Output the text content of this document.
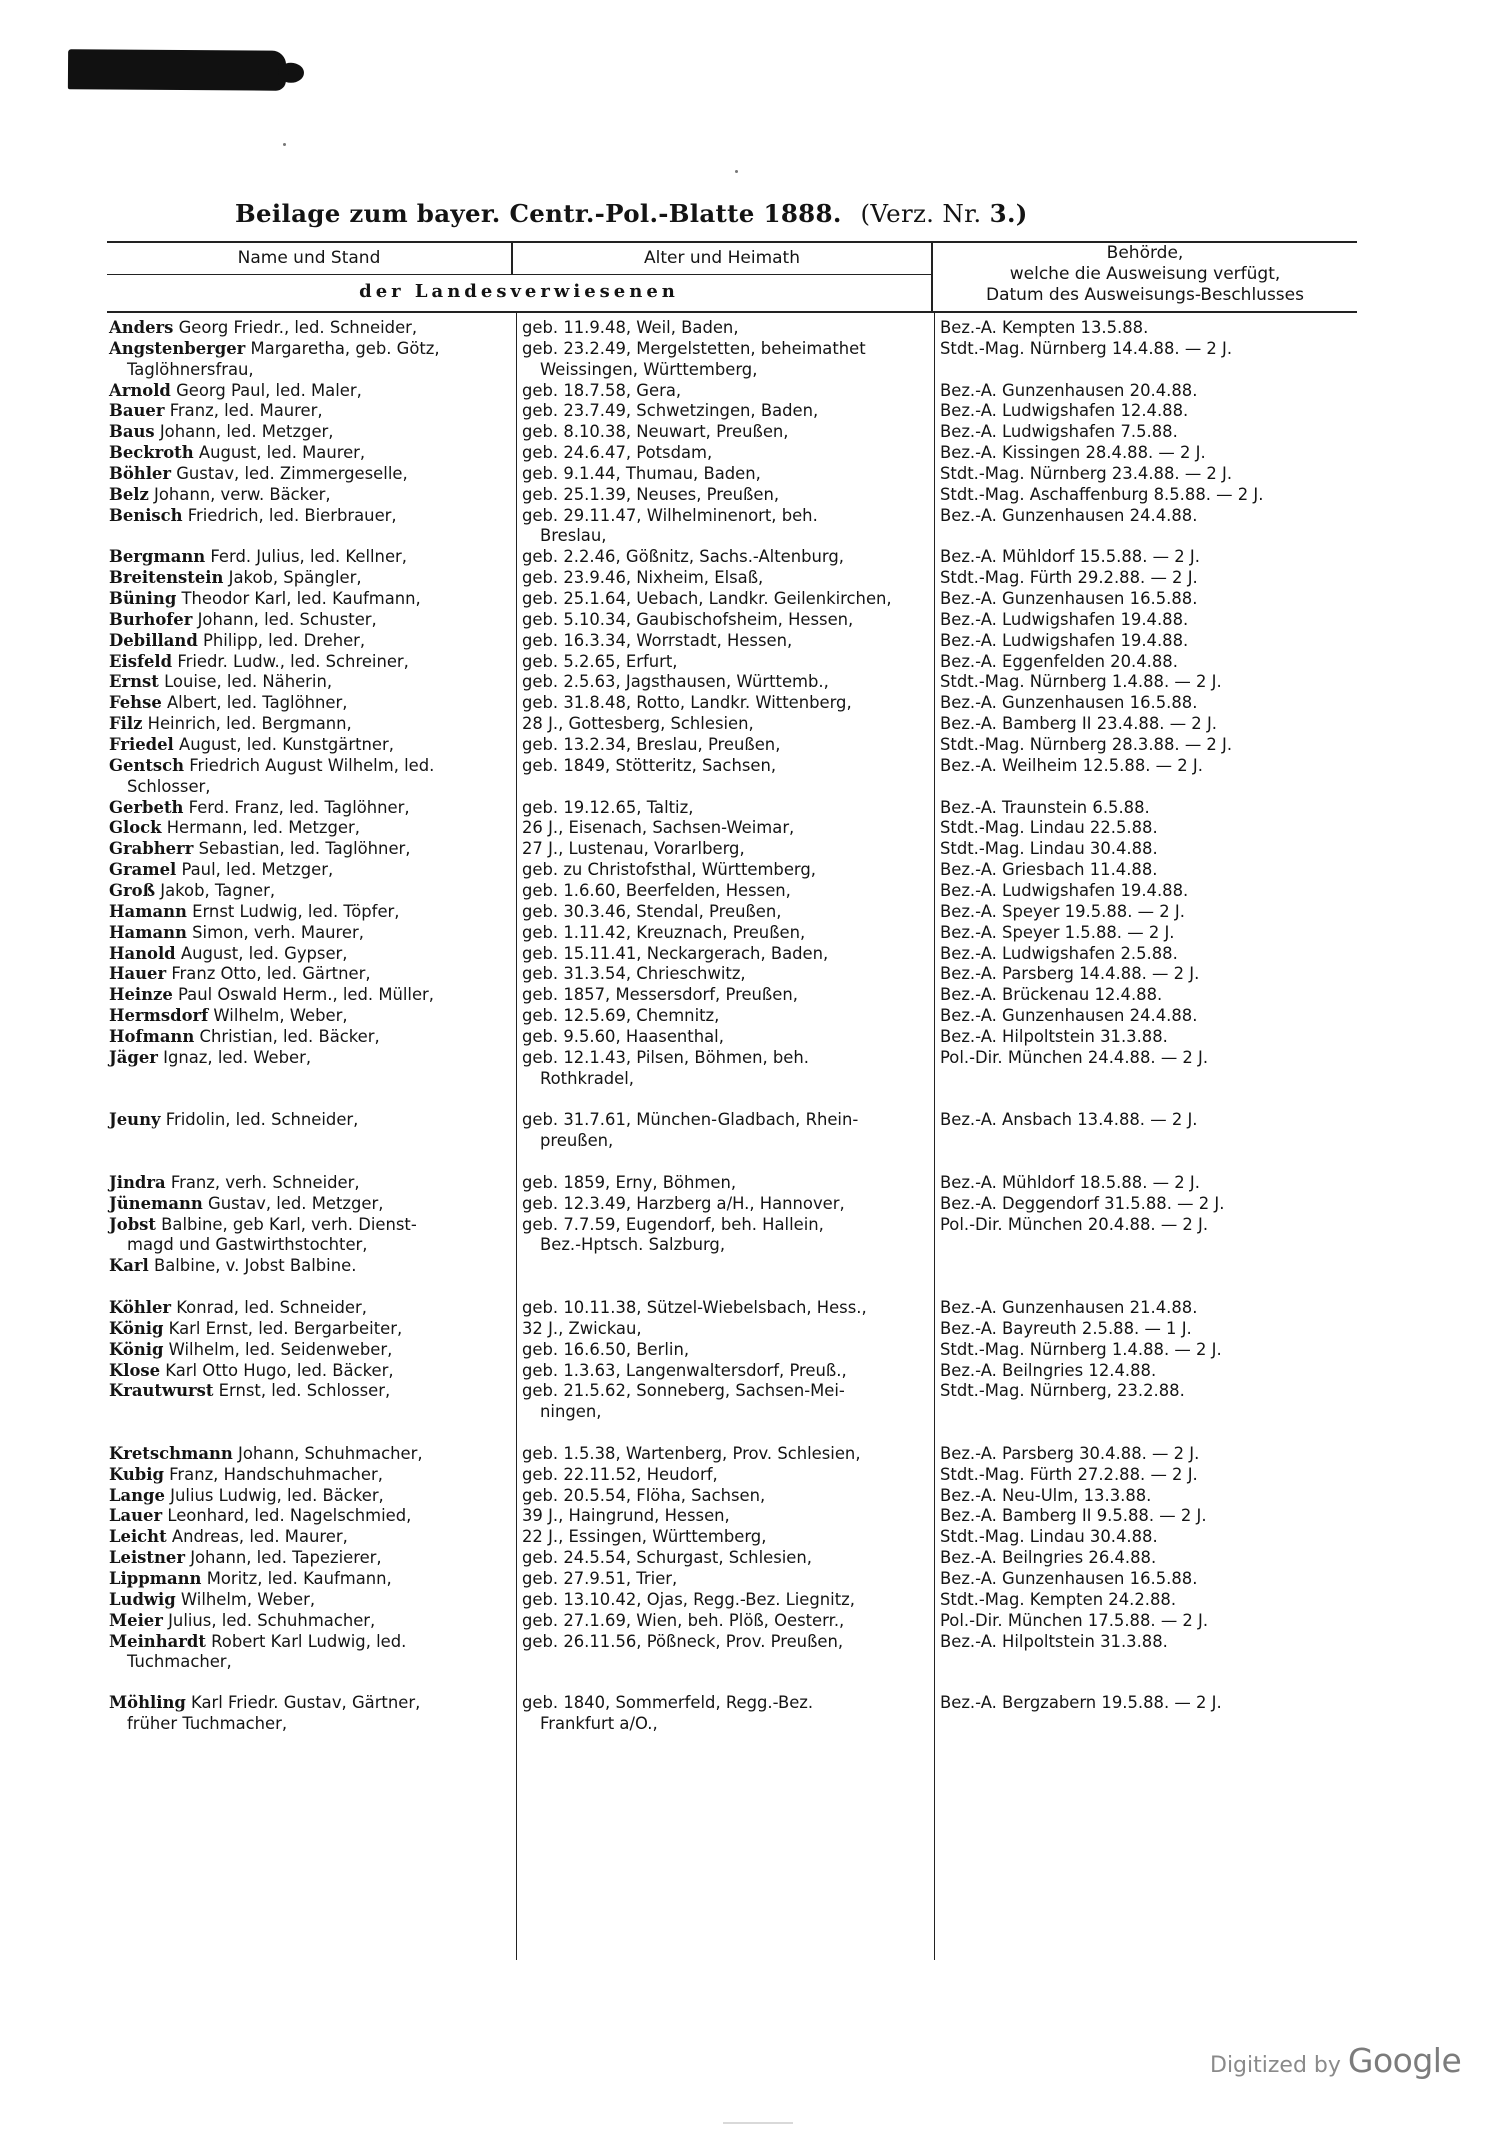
Beilage zum bayer. Centr.-Pol.-Blatte 1888. (Verz. Nr. 3.)
Name und Stand	Alter und Heimath
der Landesverwiesenen
Behörde,
welche die Ausweisung verfügt,
Datum des Ausweisungs-Beschlusses
Anders Georg Friedr., led. Schneider,
Angstenberger Margaretha, geb. Götz,
Taglöhnersfrau,
Arnold Georg Paul, led. Maler,
Bauer Franz, led. Maurer,
Baus Johann, led. Metzger,
Beckroth August, led. Maurer,
Böhler Gustav, led. Zimmergeselle,
Belz Johann, verw. Bäcker,
Benisch Friedrich, led. Bierbrauer,
Bergmann Ferd. Julius, led. Kellner,
Breitenstein Jakob, Spängler,
Büning Theodor Karl, led. Kaufmann,
Burhofer Johann, led. Schuster,
Debilland Philipp, led. Dreher,
Eisfeld Friedr. Ludw., led. Schreiner,
Ernst Louise, led. Näherin,
Fehse Albert, led. Taglöhner,
Filz Heinrich, led. Bergmann,
Friedel August, led. Kunstgärtner,
Gentsch Friedrich August Wilhelm, led.
Schlosser,
Gerbeth Ferd. Franz, led. Taglöhner,
Glock Hermann, led. Metzger,
Grabherr Sebastian, led. Taglöhner,
Gramel Paul, led. Metzger,
Groß Jakob, Tagner,
Hamann Ernst Ludwig, led. Töpfer,
Hamann Simon, verh. Maurer,
Hanold August, led. Gypser,
Hauer Franz Otto, led. Gärtner,
Heinze Paul Oswald Herm., led. Müller,
Hermsdorf Wilhelm, Weber,
Hofmann Christian, led. Bäcker,
Jäger Ignaz, led. Weber,
Jeuny Fridolin, led. Schneider,
Jindra Franz, verh. Schneider,
Jünemann Gustav, led. Metzger,
Jobst Balbine, geb Karl, verh. Dienst-
magd und Gastwirthstochter,
Karl Balbine, v. Jobst Balbine.
Köhler Konrad, led. Schneider,
König Karl Ernst, led. Bergarbeiter,
König Wilhelm, led. Seidenweber,
Klose Karl Otto Hugo, led. Bäcker,
Krautwurst Ernst, led. Schlosser,
Kretschmann Johann, Schuhmacher,
Kubig Franz, Handschuhmacher,
Lange Julius Ludwig, led. Bäcker,
Lauer Leonhard, led. Nagelschmied,
Leicht Andreas, led. Maurer,
Leistner Johann, led. Tapezierer,
Lippmann Moritz, led. Kaufmann,
Ludwig Wilhelm, Weber,
Meier Julius, led. Schuhmacher,
Meinhardt Robert Karl Ludwig, led.
Tuchmacher,
Möhling Karl Friedr. Gustav, Gärtner,
früher Tuchmacher,
geb. 11.9.48, Weil, Baden,
geb. 23.2.49, Mergelstetten, beheimathet
Weissingen, Württemberg,
geb. 18.7.58, Gera,
geb. 23.7.49, Schwetzingen, Baden,
geb. 8.10.38, Neuwart, Preußen,
geb. 24.6.47, Potsdam,
geb. 9.1.44, Thumau, Baden,
geb. 25.1.39, Neuses, Preußen,
geb. 29.11.47, Wilhelminenort, beh.
Breslau,
geb. 2.2.46, Gößnitz, Sachs.-Altenburg,
geb. 23.9.46, Nixheim, Elsaß,
geb. 25.1.64, Uebach, Landkr. Geilenkirchen,
geb. 5.10.34, Gaubischofsheim, Hessen,
geb. 16.3.34, Worrstadt, Hessen,
geb. 5.2.65, Erfurt,
geb. 2.5.63, Jagsthausen, Württemb.,
geb. 31.8.48, Rotto, Landkr. Wittenberg,
28 J., Gottesberg, Schlesien,
geb. 13.2.34, Breslau, Preußen,
geb. 1849, Stötteritz, Sachsen,
geb. 19.12.65, Taltiz,
26 J., Eisenach, Sachsen-Weimar,
27 J., Lustenau, Vorarlberg,
geb. zu Christofsthal, Württemberg,
geb. 1.6.60, Beerfelden, Hessen,
geb. 30.3.46, Stendal, Preußen,
geb. 1.11.42, Kreuznach, Preußen,
geb. 15.11.41, Neckargerach, Baden,
geb. 31.3.54, Chrieschwitz,
geb. 1857, Messersdorf, Preußen,
geb. 12.5.69, Chemnitz,
geb. 9.5.60, Haasenthal,
geb. 12.1.43, Pilsen, Böhmen, beh.
Rothkradel,
geb. 31.7.61, München-Gladbach, Rhein-
preußen,
geb. 1859, Erny, Böhmen,
geb. 12.3.49, Harzberg a/H., Hannover,
geb. 7.7.59, Eugendorf, beh. Hallein,
Bez.-Hptsch. Salzburg,
geb. 10.11.38, Sützel-Wiebelsbach, Hess.,
32 J., Zwickau,
geb. 16.6.50, Berlin,
geb. 1.3.63, Langenwaltersdorf, Preuß.,
geb. 21.5.62, Sonneberg, Sachsen-Mei-
ningen,
geb. 1.5.38, Wartenberg, Prov. Schlesien,
geb. 22.11.52, Heudorf,
geb. 20.5.54, Flöha, Sachsen,
39 J., Haingrund, Hessen,
22 J., Essingen, Württemberg,
geb. 24.5.54, Schurgast, Schlesien,
geb. 27.9.51, Trier,
geb. 13.10.42, Ojas, Regg.-Bez. Liegnitz,
geb. 27.1.69, Wien, beh. Plöß, Oesterr.,
geb. 26.11.56, Pößneck, Prov. Preußen,
geb. 1840, Sommerfeld, Regg.-Bez.
Frankfurt a/O.,
Bez.-A. Kempten 13.5.88.
Stdt.-Mag. Nürnberg 14.4.88. — 2 J.
Bez.-A. Gunzenhausen 20.4.88.
Bez.-A. Ludwigshafen 12.4.88.
Bez.-A. Ludwigshafen 7.5.88.
Bez.-A. Kissingen 28.4.88. — 2 J.
Stdt.-Mag. Nürnberg 23.4.88. — 2 J.
Stdt.-Mag. Aschaffenburg 8.5.88. — 2 J.
Bez.-A. Gunzenhausen 24.4.88.
Bez.-A. Mühldorf 15.5.88. — 2 J.
Stdt.-Mag. Fürth 29.2.88. — 2 J.
Bez.-A. Gunzenhausen 16.5.88.
Bez.-A. Ludwigshafen 19.4.88.
Bez.-A. Ludwigshafen 19.4.88.
Bez.-A. Eggenfelden 20.4.88.
Stdt.-Mag. Nürnberg 1.4.88. — 2 J.
Bez.-A. Gunzenhausen 16.5.88.
Bez.-A. Bamberg II 23.4.88. — 2 J.
Stdt.-Mag. Nürnberg 28.3.88. — 2 J.
Bez.-A. Weilheim 12.5.88. — 2 J.
Bez.-A. Traunstein 6.5.88.
Stdt.-Mag. Lindau 22.5.88.
Stdt.-Mag. Lindau 30.4.88.
Bez.-A. Griesbach 11.4.88.
Bez.-A. Ludwigshafen 19.4.88.
Bez.-A. Speyer 19.5.88. — 2 J.
Bez.-A. Speyer 1.5.88. — 2 J.
Bez.-A. Ludwigshafen 2.5.88.
Bez.-A. Parsberg 14.4.88. — 2 J.
Bez.-A. Brückenau 12.4.88.
Bez.-A. Gunzenhausen 24.4.88.
Bez.-A. Hilpoltstein 31.3.88.
Pol.-Dir. München 24.4.88. — 2 J.
Bez.-A. Ansbach 13.4.88. — 2 J.
Bez.-A. Mühldorf 18.5.88. — 2 J.
Bez.-A. Deggendorf 31.5.88. — 2 J.
Pol.-Dir. München 20.4.88. — 2 J.
Bez.-A. Gunzenhausen 21.4.88.
Bez.-A. Bayreuth 2.5.88. — 1 J.
Stdt.-Mag. Nürnberg 1.4.88. — 2 J.
Bez.-A. Beilngries 12.4.88.
Stdt.-Mag. Nürnberg, 23.2.88.
Bez.-A. Parsberg 30.4.88. — 2 J.
Stdt.-Mag. Fürth 27.2.88. — 2 J.
Bez.-A. Neu-Ulm, 13.3.88.
Bez.-A. Bamberg II 9.5.88. — 2 J.
Stdt.-Mag. Lindau 30.4.88.
Bez.-A. Beilngries 26.4.88.
Bez.-A. Gunzenhausen 16.5.88.
Stdt.-Mag. Kempten 24.2.88.
Pol.-Dir. München 17.5.88. — 2 J.
Bez.-A. Hilpoltstein 31.3.88.
Bez.-A. Bergzabern 19.5.88. — 2 J.
Digitized by Google
